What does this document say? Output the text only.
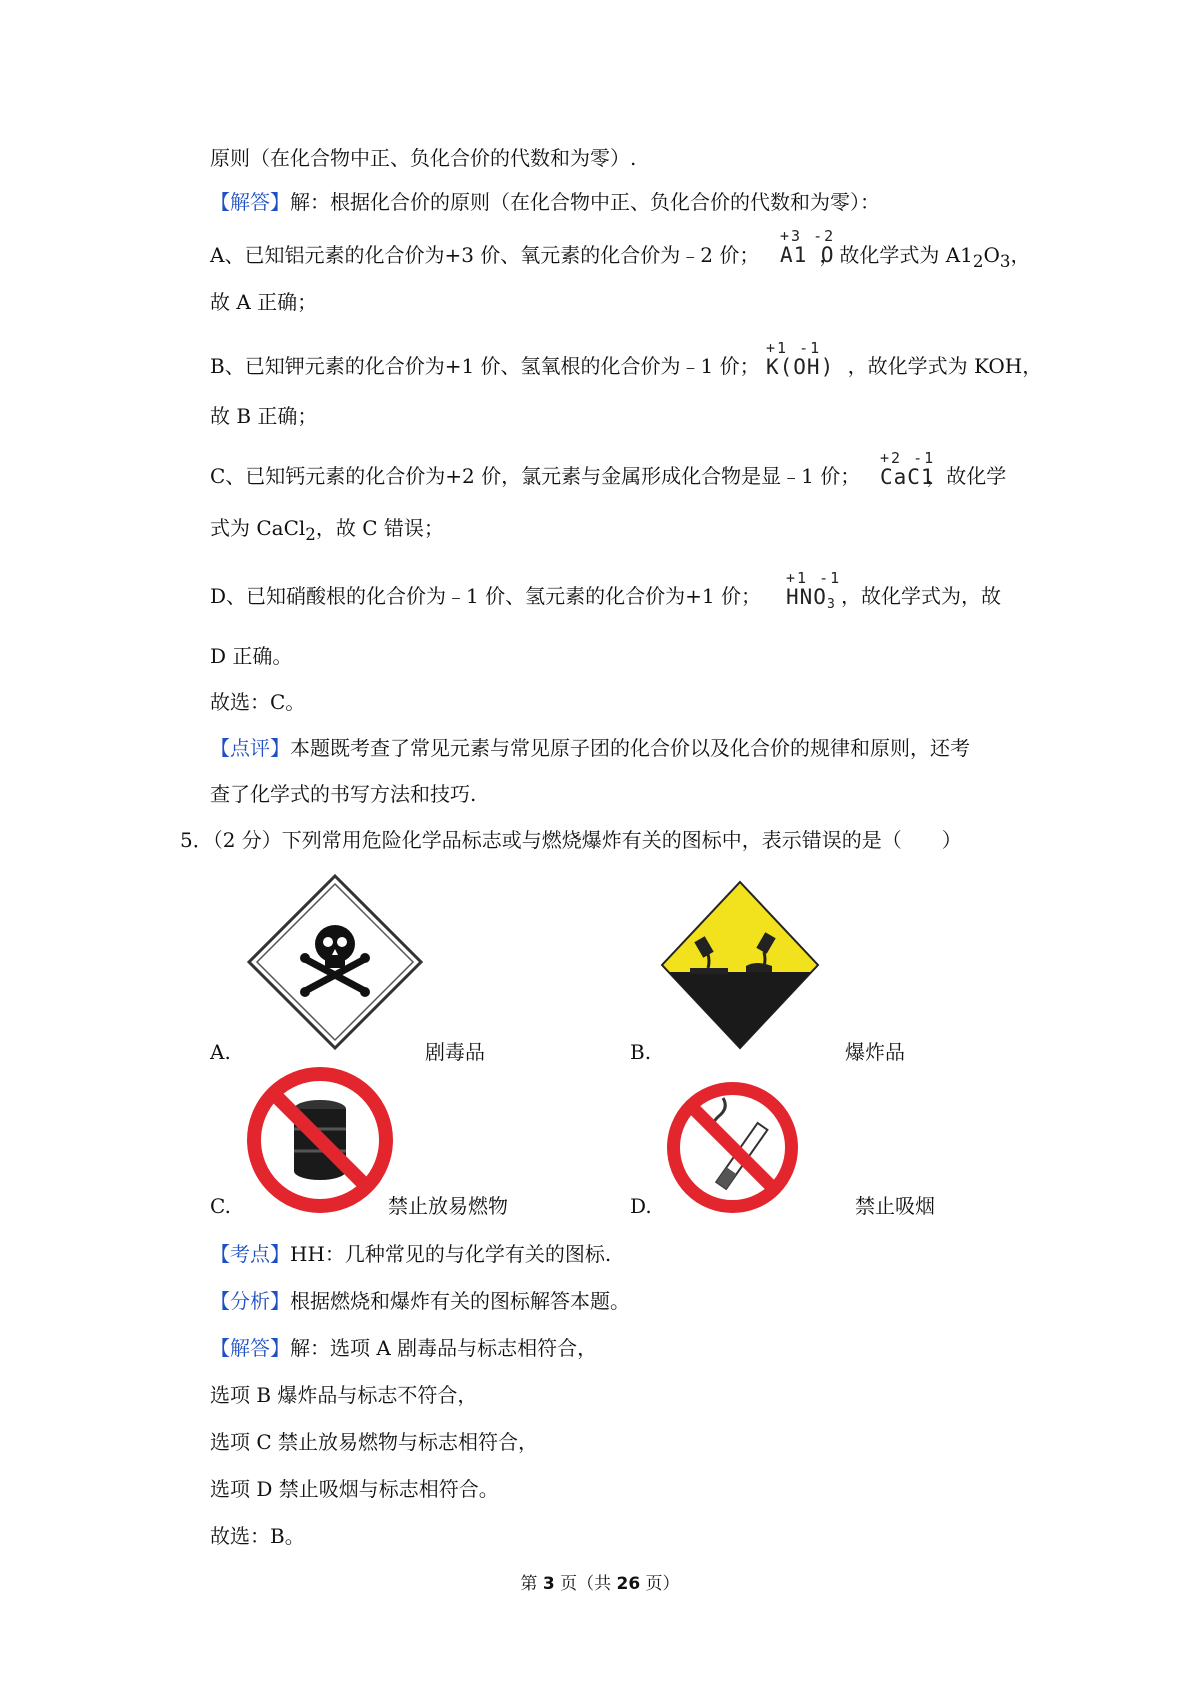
原则（在化合物中正、负化合价的代数和为零）.
【解答】解：根据化合价的原则（在化合物中正、负化合价的代数和为零）：
A、已知铝元素的化合价为+3 价、氧元素的化合价为﹣2 价；	，故化学式为 $A1_2O_3$，
+3 -2
A1 O
故 A 正确；
B、已知钾元素的化合价为+1 价、氢氧根的化合价为﹣1 价；	，故化学式为 KOH，
+1 -1
K(OH)
故 B 正确；
C、已知钙元素的化合价为+2 价，氯元素与金属形成化合物是显﹣1 价；	，故化学
+2 -1
CaC1
式为 CaCl$_2$，故 C 错误；
D、已知硝酸根的化合价为﹣1 价、氢元素的化合价为+1 价；	，故化学式为，故
+1 -1
$HNO_3$
D 正确。
故选：C。
【点评】本题既考查了常见元素与常见原子团的化合价以及化合价的规律和原则，还考
查了化学式的书写方法和技巧.
5．（2 分）下列常用危险化学品标志或与燃烧爆炸有关的图标中，表示错误的是（　　）
A.	剧毒品	B.	爆炸品
C.	禁止放易燃物	D.	禁止吸烟
【考点】HH：几种常见的与化学有关的图标.
【分析】根据燃烧和爆炸有关的图标解答本题。
【解答】解：选项 A 剧毒品与标志相符合，
选项 B 爆炸品与标志不符合，
选项 C 禁止放易燃物与标志相符合，
选项 D 禁止吸烟与标志相符合。
故选：B。
第 3 页（共 26 页）
